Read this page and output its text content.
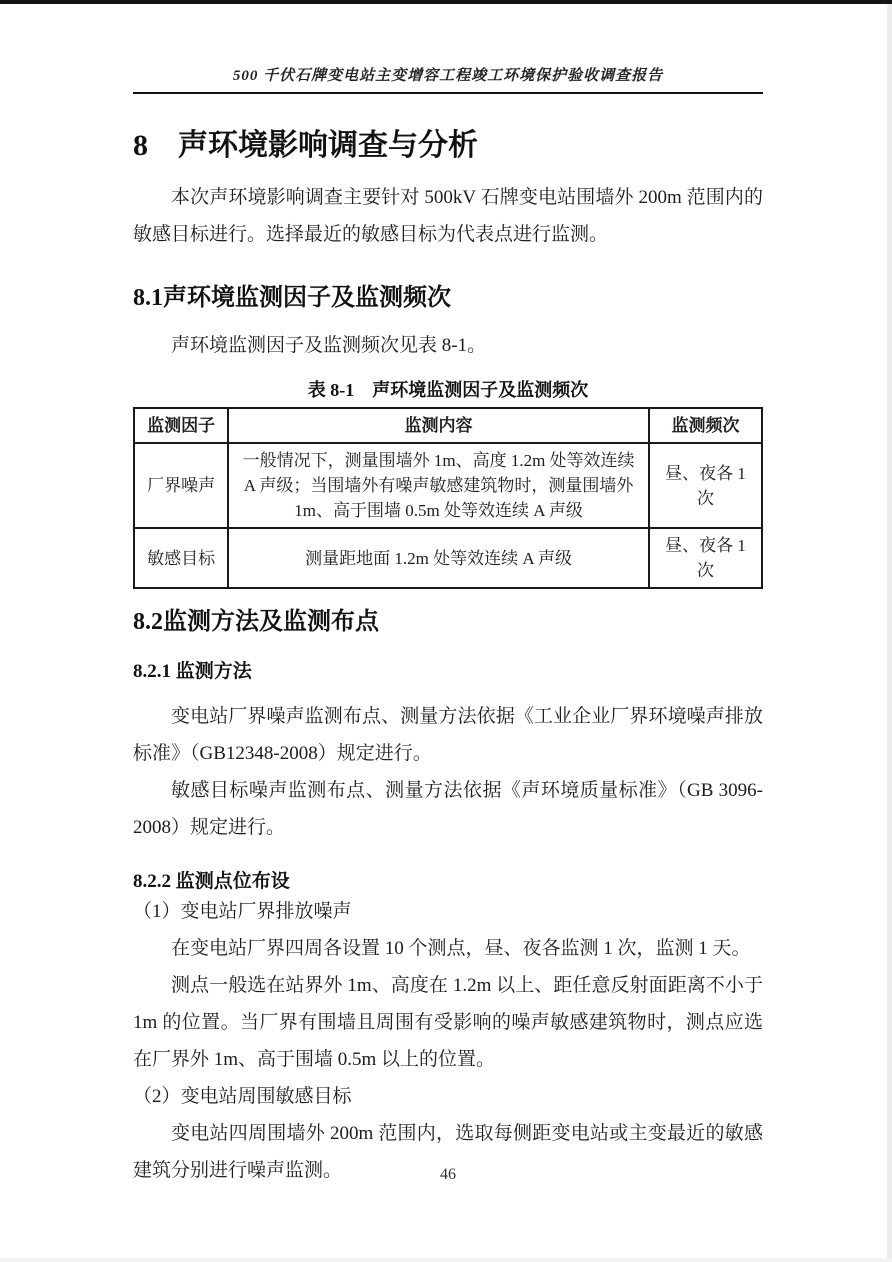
500 千伏石牌变电站主变增容工程竣工环境保护验收调查报告
8　声环境影响调查与分析

本次声环境影响调查主要针对 500kV 石牌变电站围墙外 200m 范围内的敏感目标进行。选择最近的敏感目标为代表点进行监测。

8.1声环境监测因子及监测频次

声环境监测因子及监测频次见表 8-1。

表 8-1　声环境监测因子及监测频次
监测因子	监测内容	监测频次
厂界噪声	一般情况下，测量围墙外 1m、高度 1.2m 处等效连续 A 声级；当围墙外有噪声敏感建筑物时，测量围墙外 1m、高于围墙 0.5m 处等效连续 A 声级	昼、夜各 1 次
敏感目标	测量距地面 1.2m 处等效连续 A 声级	昼、夜各 1 次
8.2监测方法及监测布点
8.2.1 监测方法

变电站厂界噪声监测布点、测量方法依据《工业企业厂界环境噪声排放标准》（GB12348-2008）规定进行。

敏感目标噪声监测布点、测量方法依据《声环境质量标准》（GB 3096-2008）规定进行。

8.2.2 监测点位布设
（1）变电站厂界排放噪声

在变电站厂界四周各设置 10 个测点，昼、夜各监测 1 次，监测 1 天。

测点一般选在站界外 1m、高度在 1.2m 以上、距任意反射面距离不小于 1m 的位置。当厂界有围墙且周围有受影响的噪声敏感建筑物时，测点应选在厂界外 1m、高于围墙 0.5m 以上的位置。

（2）变电站周围敏感目标

变电站四周围墙外 200m 范围内，选取每侧距变电站或主变最近的敏感建筑分别进行噪声监测。	46
